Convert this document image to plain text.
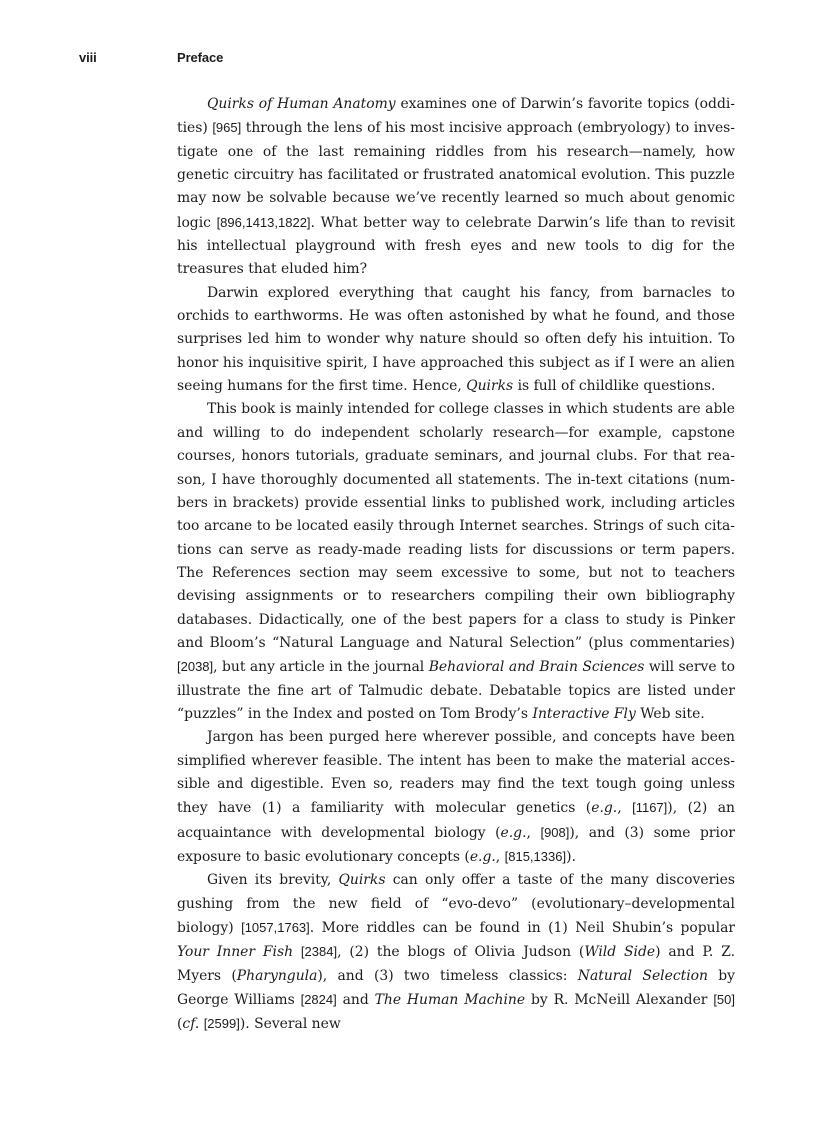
viii	Preface

Quirks of Human Anatomy examines one of Darwin’s favorite topics (oddities) [965] through the lens of his most incisive approach (embryology) to investigate one of the last remaining riddles from his research—namely, how genetic circuitry has facilitated or frustrated anatomical evolution. This puzzle may now be solvable because we’ve recently learned so much about genomic logic [896,1413,1822]. What better way to celebrate Darwin’s life than to revisit his intellectual playground with fresh eyes and new tools to dig for the treasures that eluded him?

Darwin explored everything that caught his fancy, from barnacles to orchids to earthworms. He was often astonished by what he found, and those surprises led him to wonder why nature should so often defy his intuition. To honor his inquisitive spirit, I have approached this subject as if I were an alien seeing humans for the first time. Hence, Quirks is full of childlike questions.

This book is mainly intended for college classes in which students are able and willing to do independent scholarly research—for example, capstone courses, honors tutorials, graduate seminars, and journal clubs. For that reason, I have thoroughly documented all statements. The in-text citations (numbers in brackets) provide essential links to published work, including articles too arcane to be located easily through Internet searches. Strings of such citations can serve as ready-made reading lists for discussions or term papers. The References section may seem excessive to some, but not to teachers devising assignments or to researchers compiling their own bibliography databases. Didactically, one of the best papers for a class to study is Pinker and Bloom’s “Natural Language and Natural Selection” (plus commentaries) [2038], but any article in the journal Behavioral and Brain Sciences will serve to illustrate the fine art of Talmudic debate. Debatable topics are listed under “puzzles” in the Index and posted on Tom Brody’s Interactive Fly Web site.

Jargon has been purged here wherever possible, and concepts have been simplified wherever feasible. The intent has been to make the material accessible and digestible. Even so, readers may find the text tough going unless they have (1) a familiarity with molecular genetics (e.g., [1167]), (2) an acquaintance with developmental biology (e.g., [908]), and (3) some prior exposure to basic evolutionary concepts (e.g., [815,1336]).

Given its brevity, Quirks can only offer a taste of the many discoveries gushing from the new field of “evo-devo” (evolutionary–developmental biology) [1057,1763]. More riddles can be found in (1) Neil Shubin’s popular Your Inner Fish [2384], (2) the blogs of Olivia Judson (Wild Side) and P. Z. Myers (Pharyngula), and (3) two timeless classics: Natural Selection by George Williams [2824] and The Human Machine by R. McNeill Alexander [50] (cf. [2599]). Several new
